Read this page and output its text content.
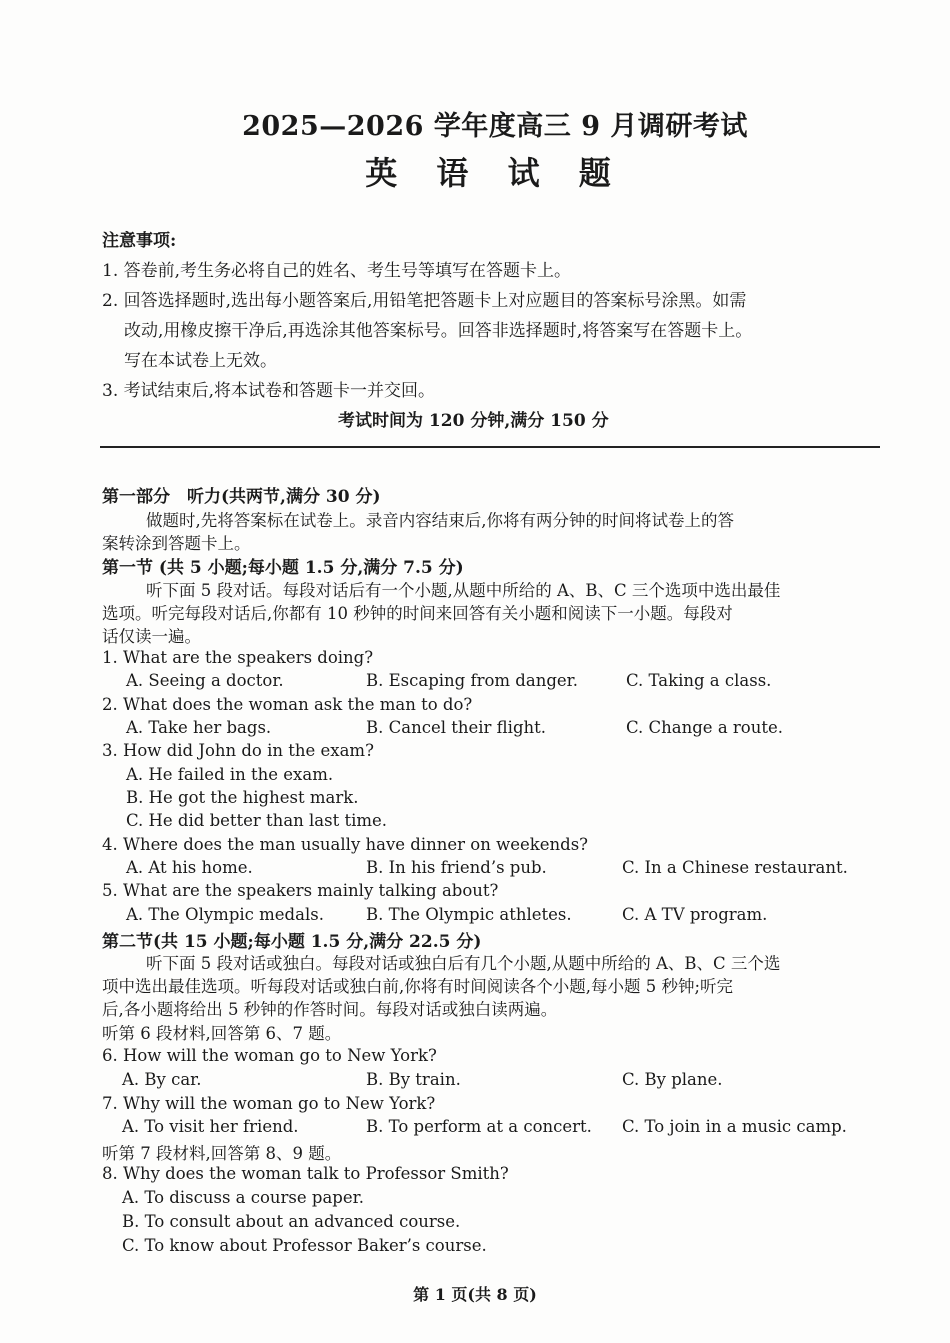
2025—2026 学年度高三 9 月调研考试
英 语 试 题
注意事项:
1. 答卷前,考生务必将自己的姓名、考生号等填写在答题卡上。
2. 回答选择题时,选出每小题答案后,用铅笔把答题卡上对应题目的答案标号涂黑。如需
改动,用橡皮擦干净后,再选涂其他答案标号。回答非选择题时,将答案写在答题卡上。
写在本试卷上无效。
3. 考试结束后,将本试卷和答题卡一并交回。
考试时间为 120 分钟,满分 150 分
第一部分　听力(共两节,满分 30 分)
做题时,先将答案标在试卷上。录音内容结束后,你将有两分钟的时间将试卷上的答
案转涂到答题卡上。
第一节 (共 5 小题;每小题 1.5 分,满分 7.5 分)
听下面 5 段对话。每段对话后有一个小题,从题中所给的 A、B、C 三个选项中选出最佳
选项。听完每段对话后,你都有 10 秒钟的时间来回答有关小题和阅读下一小题。每段对
话仅读一遍。
1. What are the speakers doing?
A. Seeing a doctor.	B. Escaping from danger.	C. Taking a class.
2. What does the woman ask the man to do?
A. Take her bags.	B. Cancel their flight.	C. Change a route.
3. How did John do in the exam?
A. He failed in the exam.
B. He got the highest mark.
C. He did better than last time.
4. Where does the man usually have dinner on weekends?
A. At his home.	B. In his friend’s pub.	C. In a Chinese restaurant.
5. What are the speakers mainly talking about?
A. The Olympic medals.	B. The Olympic athletes.	C. A TV program.
第二节(共 15 小题;每小题 1.5 分,满分 22.5 分)
听下面 5 段对话或独白。每段对话或独白后有几个小题,从题中所给的 A、B、C 三个选
项中选出最佳选项。听每段对话或独白前,你将有时间阅读各个小题,每小题 5 秒钟;听完
后,各小题将给出 5 秒钟的作答时间。每段对话或独白读两遍。
听第 6 段材料,回答第 6、7 题。
6. How will the woman go to New York?
A. By car.	B. By train.	C. By plane.
7. Why will the woman go to New York?
A. To visit her friend.	B. To perform at a concert. C. To join in a music camp.
听第 7 段材料,回答第 8、9 题。
8. Why does the woman talk to Professor Smith?
A. To discuss a course paper.
B. To consult about an advanced course.
C. To know about Professor Baker’s course.
第 1 页(共 8 页)
